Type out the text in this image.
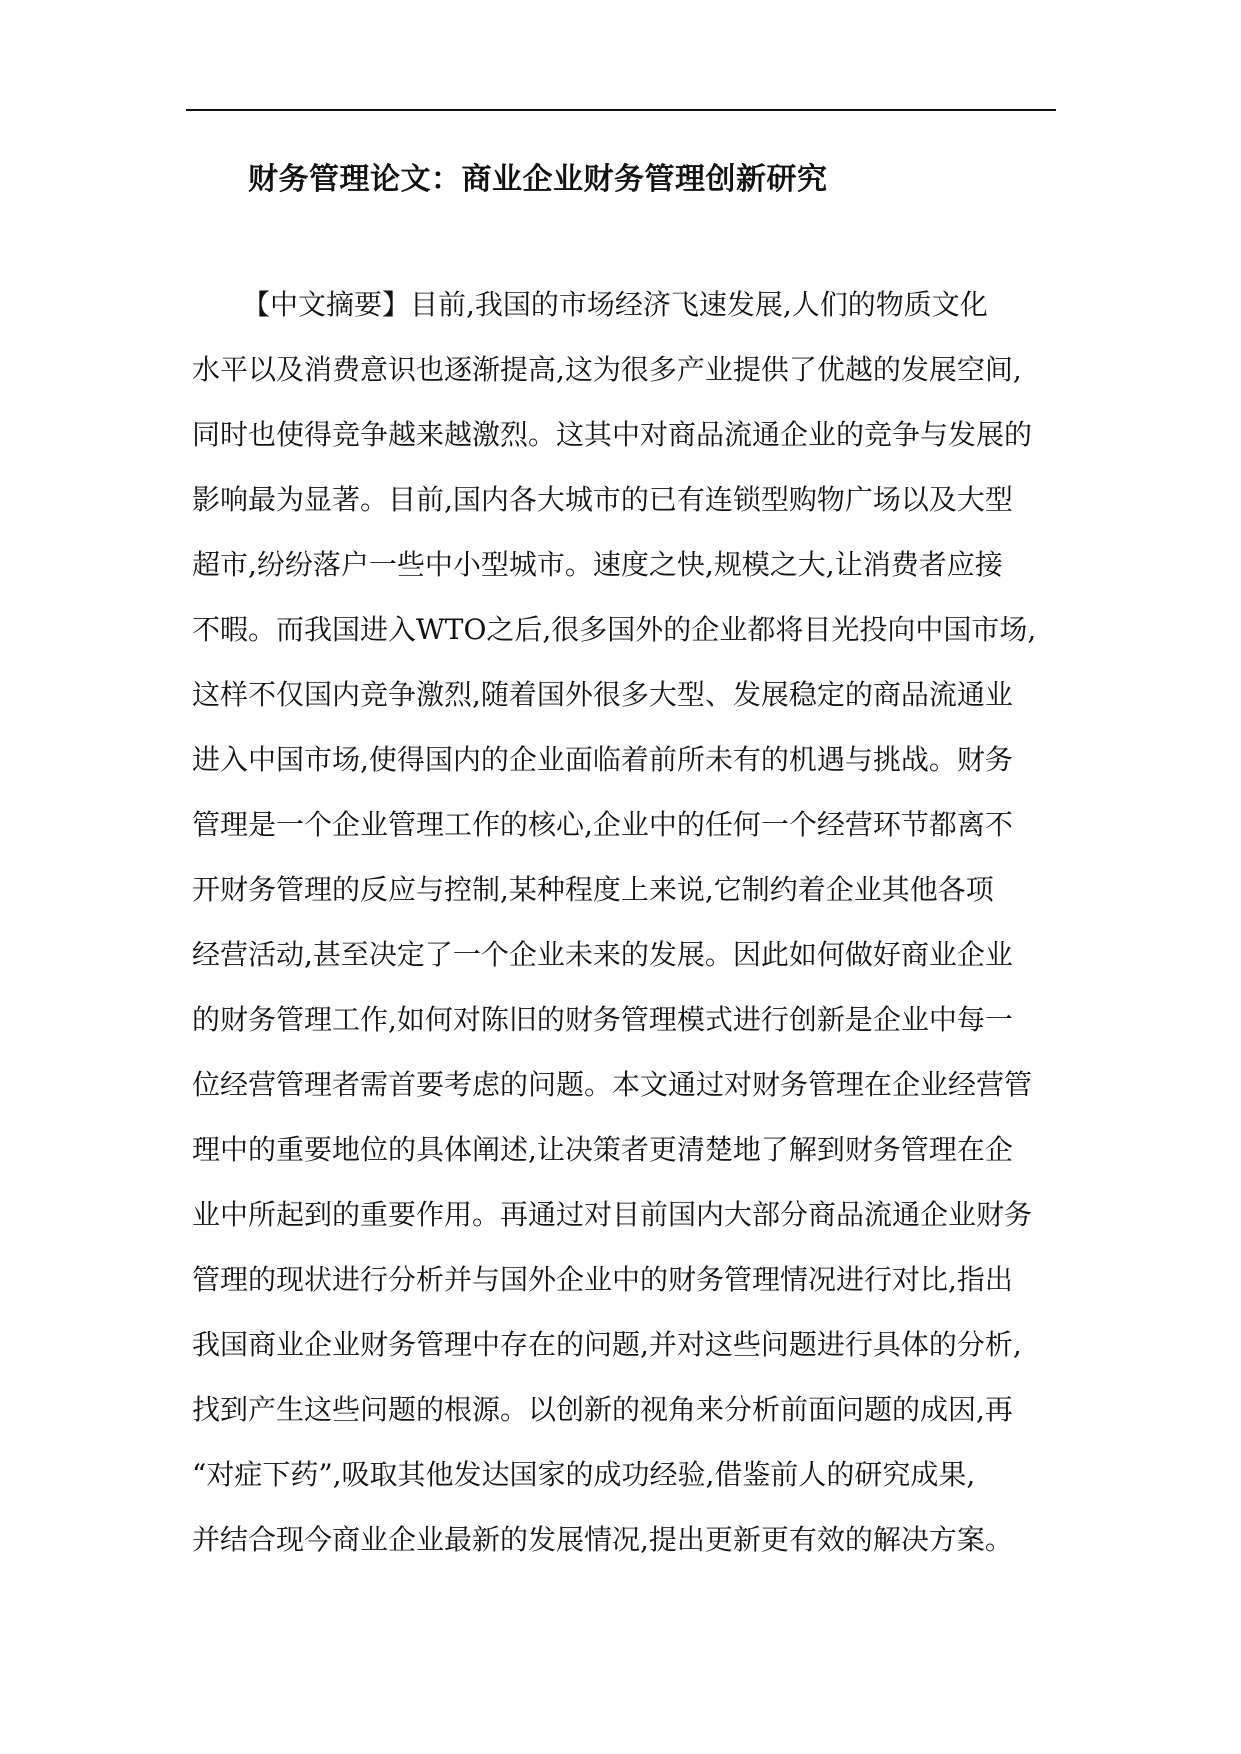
财务管理论文：商业企业财务管理创新研究
【中文摘要】目前,我国的市场经济飞速发展,人们的物质文化
水平以及消费意识也逐渐提高,这为很多产业提供了优越的发展空间,
同时也使得竞争越来越激烈。这其中对商品流通企业的竞争与发展的
影响最为显著。目前,国内各大城市的已有连锁型购物广场以及大型
超市,纷纷落户一些中小型城市。速度之快,规模之大,让消费者应接
不暇。而我国进入WTO之后,很多国外的企业都将目光投向中国市场,
这样不仅国内竞争激烈,随着国外很多大型、发展稳定的商品流通业
进入中国市场,使得国内的企业面临着前所未有的机遇与挑战。财务
管理是一个企业管理工作的核心,企业中的任何一个经营环节都离不
开财务管理的反应与控制,某种程度上来说,它制约着企业其他各项
经营活动,甚至决定了一个企业未来的发展。因此如何做好商业企业
的财务管理工作,如何对陈旧的财务管理模式进行创新是企业中每一
位经营管理者需首要考虑的问题。本文通过对财务管理在企业经营管
理中的重要地位的具体阐述,让决策者更清楚地了解到财务管理在企
业中所起到的重要作用。再通过对目前国内大部分商品流通企业财务
管理的现状进行分析并与国外企业中的财务管理情况进行对比,指出
我国商业企业财务管理中存在的问题,并对这些问题进行具体的分析,
找到产生这些问题的根源。以创新的视角来分析前面问题的成因,再
“对症下药”,吸取其他发达国家的成功经验,借鉴前人的研究成果,
并结合现今商业企业最新的发展情况,提出更新更有效的解决方案。
